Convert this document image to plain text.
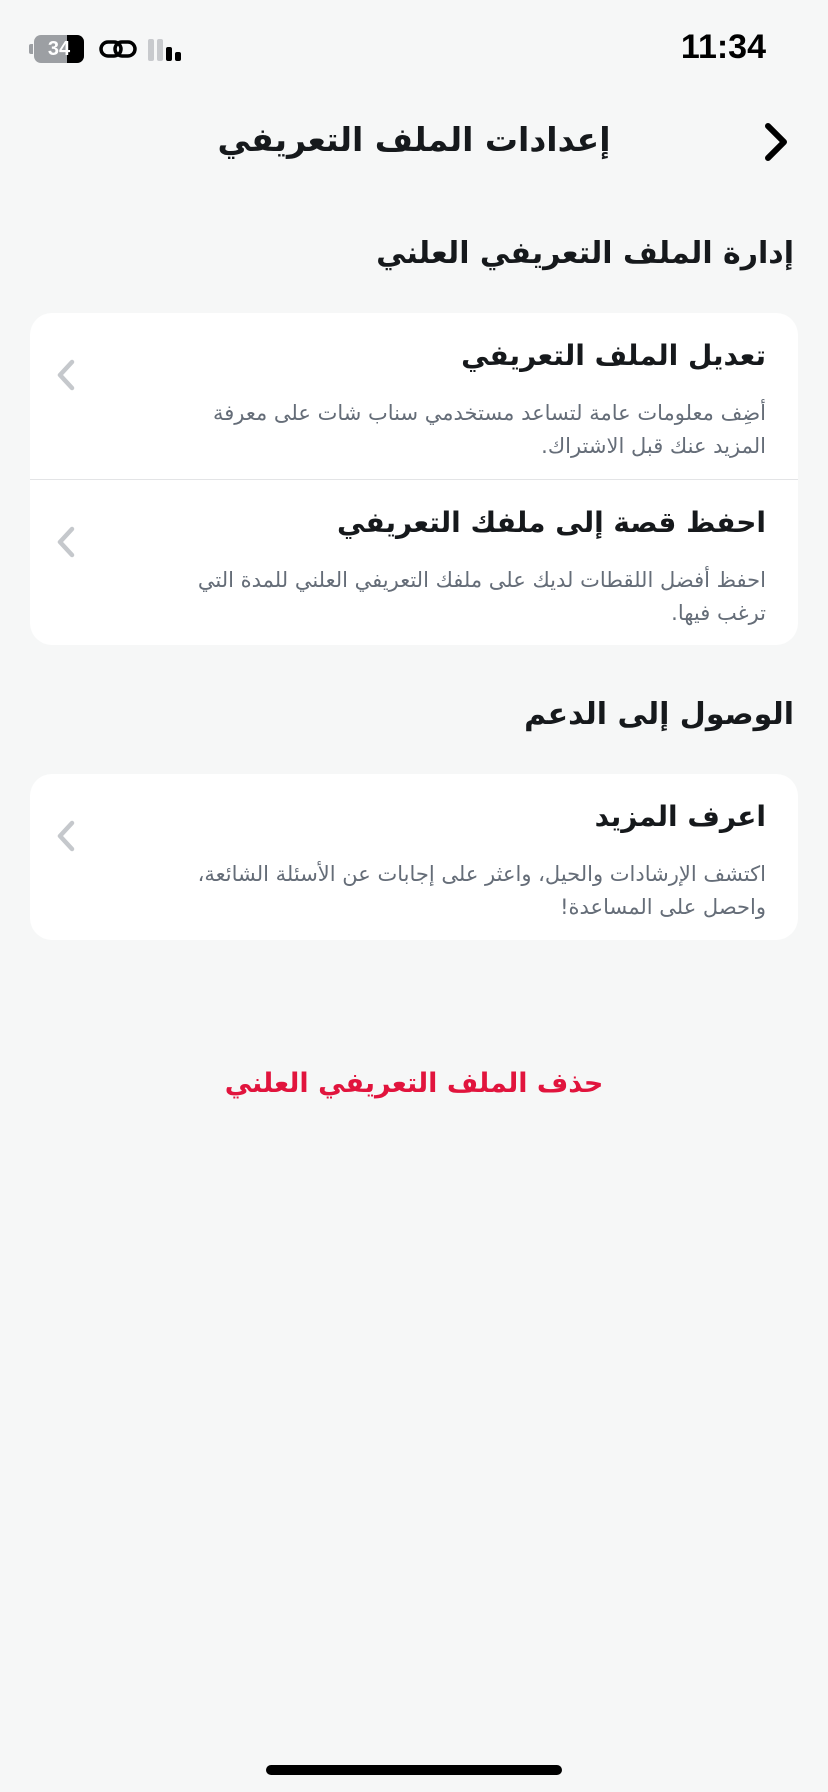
34	11:34
إعدادات الملف التعريفي
إدارة الملف التعريفي العلني
تعديل الملف التعريفي
أضِف معلومات عامة لتساعد مستخدمي سناب شات على معرفة المزيد عنك قبل الاشتراك.
احفظ قصة إلى ملفك التعريفي
احفظ أفضل اللقطات لديك على ملفك التعريفي العلني للمدة التي ترغب فيها.
الوصول إلى الدعم
اعرف المزيد
اكتشف الإرشادات والحيل، واعثر على إجابات عن الأسئلة الشائعة، واحصل على المساعدة!
حذف الملف التعريفي العلني
